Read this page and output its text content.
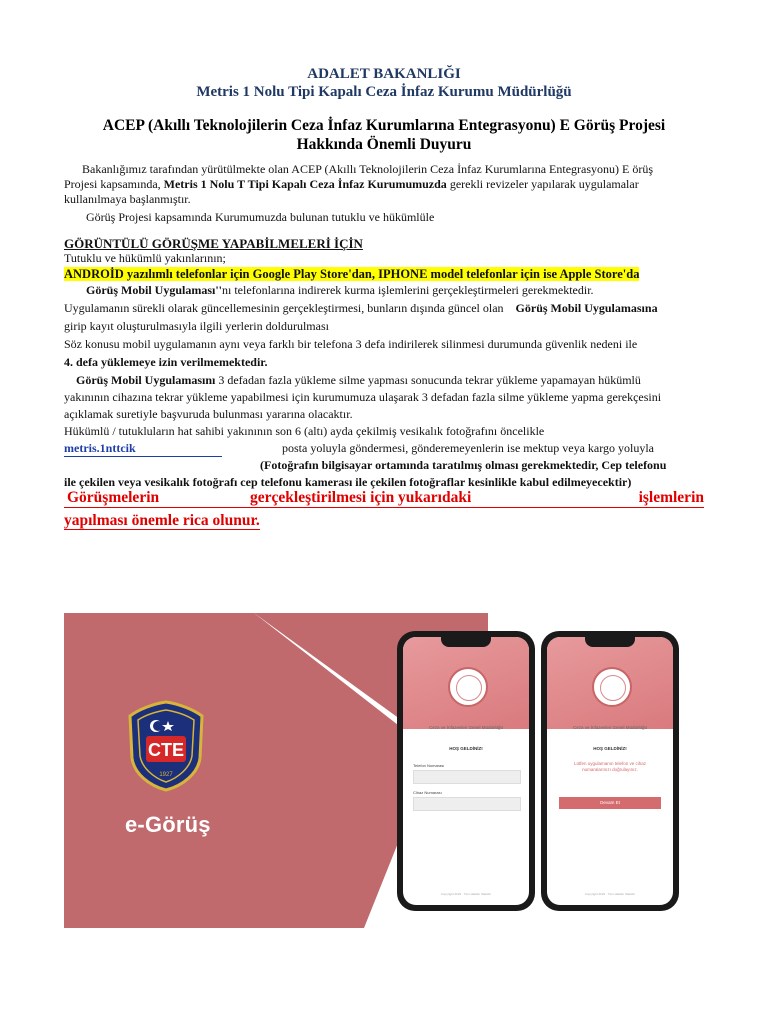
ADALET BAKANLIĞI
Metris 1 Nolu Tipi Kapalı Ceza İnfaz Kurumu Müdürlüğü
ACEP (Akıllı Teknolojilerin Ceza İnfaz Kurumlarına Entegrasyonu) E Görüş Projesi
Hakkında Önemli Duyuru
Bakanlığımız tarafından yürütülmekte olan ACEP (Akıllı Teknolojilerin Ceza İnfaz Kurumlarına Entegrasyonu) E örüş
Projesi kapsamında, Metris 1 Nolu T Tipi Kapalı Ceza İnfaz Kurumumuzda gerekli revizeler yapılarak uygulamalar
kullanılmaya başlanmıştır.
Görüş Projesi kapsamında Kurumumuzda bulunan tutuklu ve hükümlüle
GÖRÜNTÜLÜ GÖRÜŞME YAPABİLMELERİ İÇİN
Tutuklu ve hükümlü yakınlarının;
ANDROİD yazılımlı telefonlar için Google Play Store'dan, IPHONE model telefonlar için ise Apple Store'da
Görüş Mobil Uygulaması''nı telefonlarına indirerek kurma işlemlerini gerçekleştirmeleri gerekmektedir.
Uygulamanın sürekli olarak güncellemesinin gerçekleştirmesi, bunların dışında güncel olan Görüş Mobil Uygulamasına
girip kayıt oluşturulmasıyla ilgili yerlerin doldurulması
Söz konusu mobil uygulamanın aynı veya farklı bir telefona 3 defa indirilerek silinmesi durumunda güvenlik nedeni ile
4. defa yüklemeye izin verilmemektedir.
Görüş Mobil Uygulamasını 3 defadan fazla yükleme silme yapması sonucunda tekrar yükleme yapamayan hükümlü
yakınının cihazına tekrar yükleme yapabilmesi için kurumumuza ulaşarak 3 defadan fazla silme yükleme yapma gerekçesini
açıklamak suretiyle başvuruda bulunması yararına olacaktır.
Hükümlü / tutukluların hat sahibi yakınının son 6 (altı) ayda çekilmiş vesikalık fotoğrafını öncelikle
metris.1nttcik	posta yoluyla göndermesi, gönderemeyenlerin ise mektup veya kargo yoluyla
(Fotoğrafın bilgisayar ortamında taratılmış olması gerekmektedir, Cep telefonu
ile çekilen veya vesikalık fotoğrafı cep telefonu kamerası ile çekilen fotoğraflar kesinlikle kabul edilmeyecektir)
Görüşmelerin	gerçekleştirilmesi için yukarıdaki	işlemlerin
yapılması önemle rica olunur.
CTE
1927
e-Görüş
Ceza ve İnfazevleri Genel Müdürlüğü
HOŞ GELDİNİZ!
Telefon Numarası
Cihaz Numarası
Copyright 2022 · Tüm Hakları Saklıdır
Ceza ve İnfazevleri Genel Müdürlüğü
HOŞ GELDİNİZ!
Lütfen uygulamanın telefon ve cihaz
numaralarınızı doğrulayınız.
Devam Et
Copyright 2022 · Tüm Hakları Saklıdır
